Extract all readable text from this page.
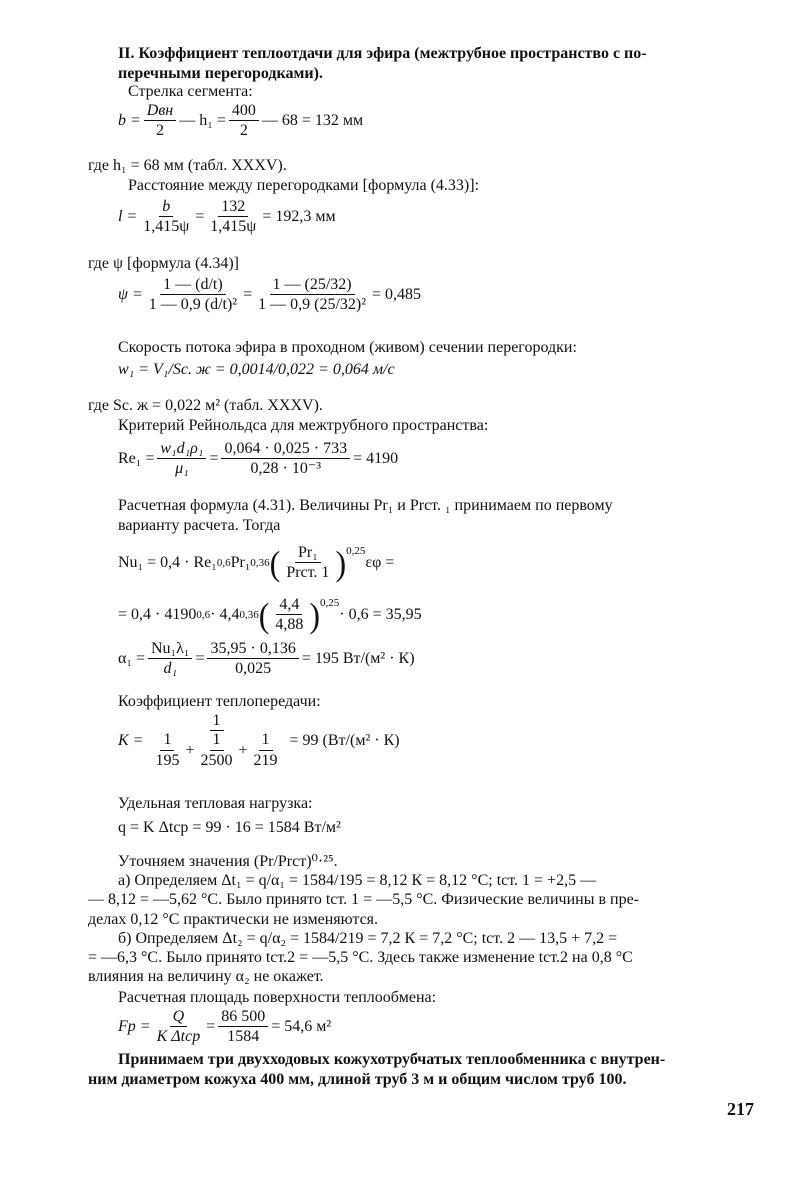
II. Коэффициент теплоотдачи для эфира (межтрубное пространство с по-
перечными перегородками).
Стрелка сегмента:
$b = \frac{\text{Dвн}}{2}$ — $h_1 = \frac{400}{2}$ — 68 = 132 мм
где h₁ = 68 мм (табл. XXXV).
Расстояние между перегородками [формула (4.33)]:
$l = \frac{b}{1,415\psi} = \frac{132}{1,415\psi} = 192,3$ мм
где ψ [формула (4.34)]
$\psi = \frac{1 — (d/t)}{\text{1 — 0,9 (d/t)²}} = \frac{1 — (25/32)}{\text{1 — 0,9 (25/32)²}} = 0,485$
Скорость потока эфира в проходном (живом) сечении перегородки:
w₁ = V₁/Sс. ж = 0,0014/0,022 = 0,064 м/с
где Sс. ж = 0,022 м² (табл. XXXV).
Критерий Рейнольдса для межтрубного пространства:
$Re_1 = \frac{\text{w₁d₁ρ₁}}{\text{μ₁}} = \frac{0,064 \cdot 0,025 \cdot 733}{\text{0,28 · 10⁻³}} = 4190$
Расчетная формула (4.31). Величины Pr₁ и Prст. ₁ принимаем по первому
варианту расчета. Тогда
Nu₁ = 0,4 · Re₁ 0,6 Pr₁ 0,36 ( $\frac{\text{Pr₁}}{\text{Prст. 1}} )^{0,25}$
εφ =
= 0,4 · 4190 0,6 · 4,4 0,36 ( $\frac{4,4}{4,88} )^{0,25}$
· 0,6 = 35,95
$\alpha_1 = \frac{\text{Nu₁λ₁}}{\text{d₁}} = \frac{35,95 \cdot 0,136}{0,025} = 195$ Вт/(м² · К)
Коэффициент теплопередачи:
$K = \frac{1}{\frac{1}{195} + \frac{1}{2500} + \frac{1}{219}} = 99$ (Вт/(м² · К)
Удельная тепловая нагрузка:
q = K Δtср = 99 · 16 = 1584 Вт/м²
Уточняем значения (Pr/Prст)⁰·²⁵.
а) Определяем Δt₁ = q/α₁ = 1584/195 = 8,12 К = 8,12 °С; tст. 1 = +2,5 —
— 8,12 = —5,62 °С. Было принято tст. 1 = —5,5 °С. Физические величины в пре-
делах 0,12 °С практически не изменяются.
б) Определяем Δt₂ = q/α₂ = 1584/219 = 7,2 К = 7,2 °С; tст. 2 — 13,5 + 7,2 =
= —6,3 °С. Было принято tст.2 = —5,5 °С. Здесь также изменение tст.2 на 0,8 °С
влияния на величину α₂ не окажет.
Расчетная площадь поверхности теплообмена:
Fр = $\frac{Q}{\text{K Δtср}} = \frac{86 500}{1584} = 54,6$ м²
Принимаем три двухходовых кожухотрубчатых теплообменника с внутрен-
ним диаметром кожуха 400 мм, длиной труб 3 м и общим числом труб 100.
217
